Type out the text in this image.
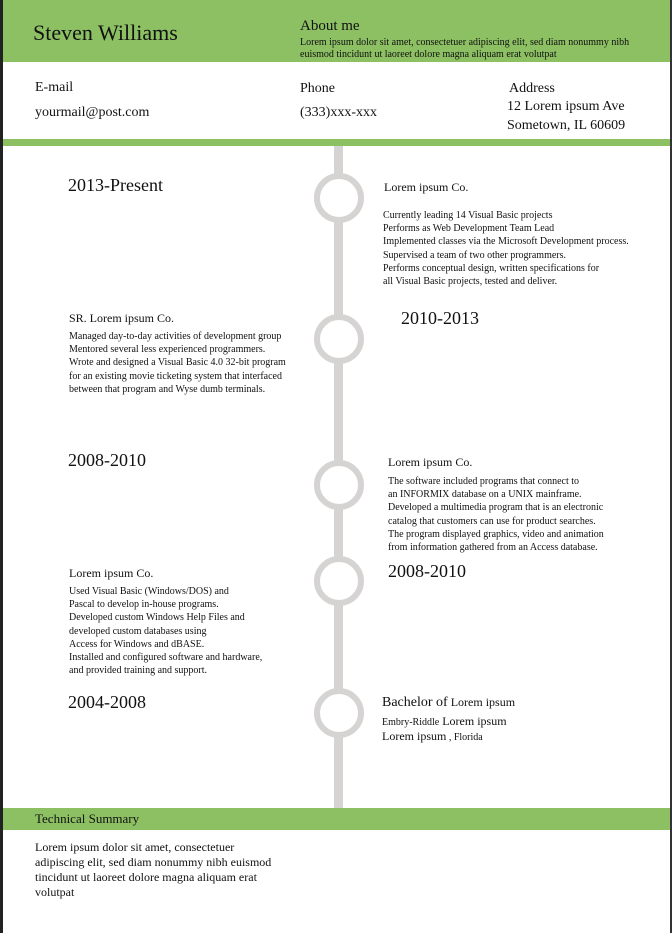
Steven Williams	About me
Lorem ipsum dolor sit amet, consectetuer adipiscing elit, sed diam nonummy nibh euismod tincidunt ut laoreet dolore magna aliquam erat volutpat
E-mail
yourmail@post.com
Phone
(333)xxx-xxx
Address
12 Lorem ipsum Ave
Sometown, IL 60609
2013-Present	Lorem ipsum Co.
Currently leading 14 Visual Basic projects
Performs as Web Development Team Lead
Implemented classes via the Microsoft Development process.
Supervised a team of two other programmers.
Performs conceptual design, written specifications for
all Visual Basic projects, tested and deliver.
SR. Lorem ipsum Co.	2010-2013
Managed day-to-day activities of development group
Mentored several less experienced programmers.
Wrote and designed a Visual Basic 4.0 32-bit program
for an existing movie ticketing system that interfaced
between that program and Wyse dumb terminals.
2008-2010	Lorem ipsum Co.
The software included programs that connect to
an INFORMIX database on a UNIX mainframe.
Developed a multimedia program that is an electronic
catalog that customers can use for product searches.
The program displayed graphics, video and animation
from information gathered from an Access database.
Lorem ipsum Co.	2008-2010
Used Visual Basic (Windows/DOS) and
Pascal to develop in-house programs.
Developed custom Windows Help Files and
developed custom databases using
Access for Windows and dBASE.
Installed and configured software and hardware,
and provided training and support.
2004-2008	Bachelor of Lorem ipsum
Embry-Riddle Lorem ipsum
Lorem ipsum , Florida
Technical Summary
Lorem ipsum dolor sit amet, consectetuer adipiscing elit, sed diam nonummy nibh euismod tincidunt ut laoreet dolore magna aliquam erat volutpat
